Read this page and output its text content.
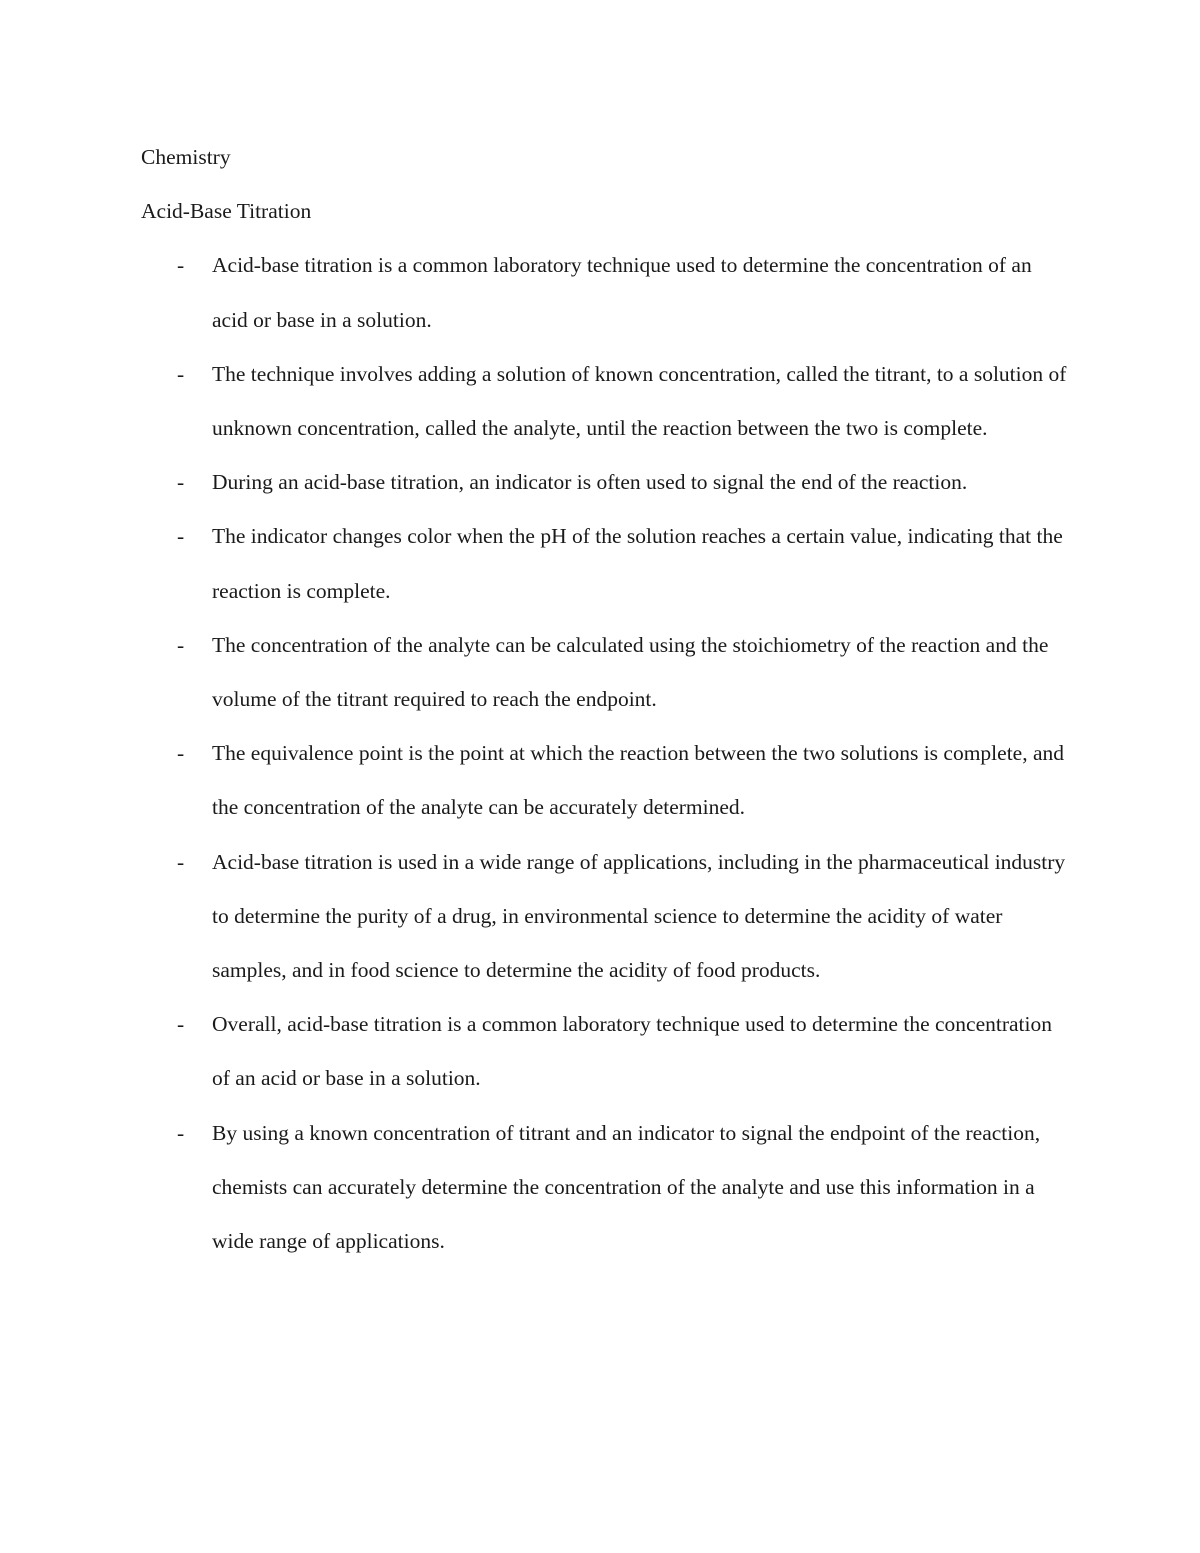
Chemistry

Acid-Base Titration

- Acid-base titration is a common laboratory technique used to determine the concentration of an acid or base in a solution.
- The technique involves adding a solution of known concentration, called the titrant, to a solution of unknown concentration, called the analyte, until the reaction between the two is complete.
- During an acid-base titration, an indicator is often used to signal the end of the reaction.
- The indicator changes color when the pH of the solution reaches a certain value, indicating that the reaction is complete.
- The concentration of the analyte can be calculated using the stoichiometry of the reaction and the volume of the titrant required to reach the endpoint.
- The equivalence point is the point at which the reaction between the two solutions is complete, and the concentration of the analyte can be accurately determined.
- Acid-base titration is used in a wide range of applications, including in the pharmaceutical industry to determine the purity of a drug, in environmental science to determine the acidity of water samples, and in food science to determine the acidity of food products.
- Overall, acid-base titration is a common laboratory technique used to determine the concentration of an acid or base in a solution.
- By using a known concentration of titrant and an indicator to signal the endpoint of the reaction, chemists can accurately determine the concentration of the analyte and use this information in a wide range of applications.
